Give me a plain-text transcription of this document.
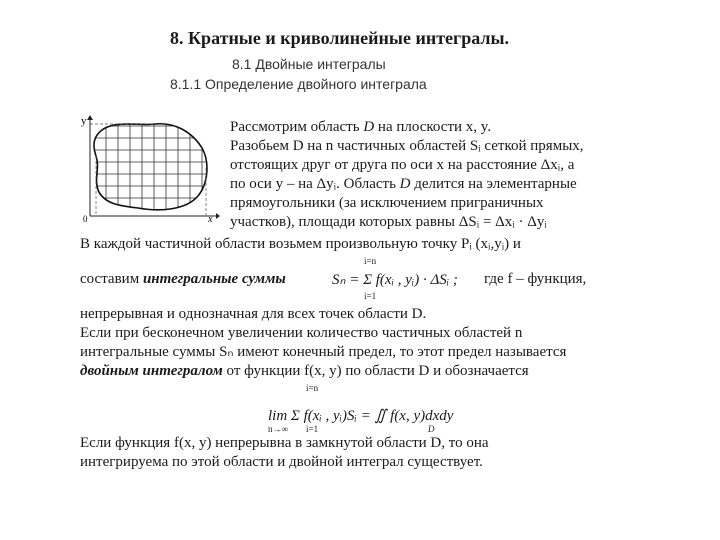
8. Кратные и криволинейные интегралы.
8.1 Двойные интегралы
8.1.1 Определение двойного интеграла
y
x
0
Рассмотрим область D на плоскости x, y.
Разобьем D на n частичных областей Sᵢ сеткой прямых,
отстоящих друг от друга по оси x на расстояние Δxᵢ, а
по оси y – на Δyᵢ. Область D делится на элементарные
прямоугольники (за исключением приграничных
участков), площади которых равны ΔSᵢ = Δxᵢ · Δyᵢ
В каждой частичной области возьмем произвольную точку Pᵢ (xᵢ,yᵢ) и
составим интегральные суммы
i=n
i=1
Sₙ = Σ f(xᵢ , yᵢ) · ΔSᵢ ; где f – функция,
непрерывная и однозначная для всех точек области D.
Если при бесконечном увеличении количество частичных областей n
интегральные суммы Sₙ имеют конечный предел, то этот предел называется
двойным интегралом от функции f(x, y) по области D и обозначается
i=n
lim Σ f(xᵢ , yᵢ)Sᵢ = ∬ f(x, y)dxdy
n→∞ i=1	D
Если функция f(x, y) непрерывна в замкнутой области D, то она
интегрируема по этой области и двойной интеграл существует.
